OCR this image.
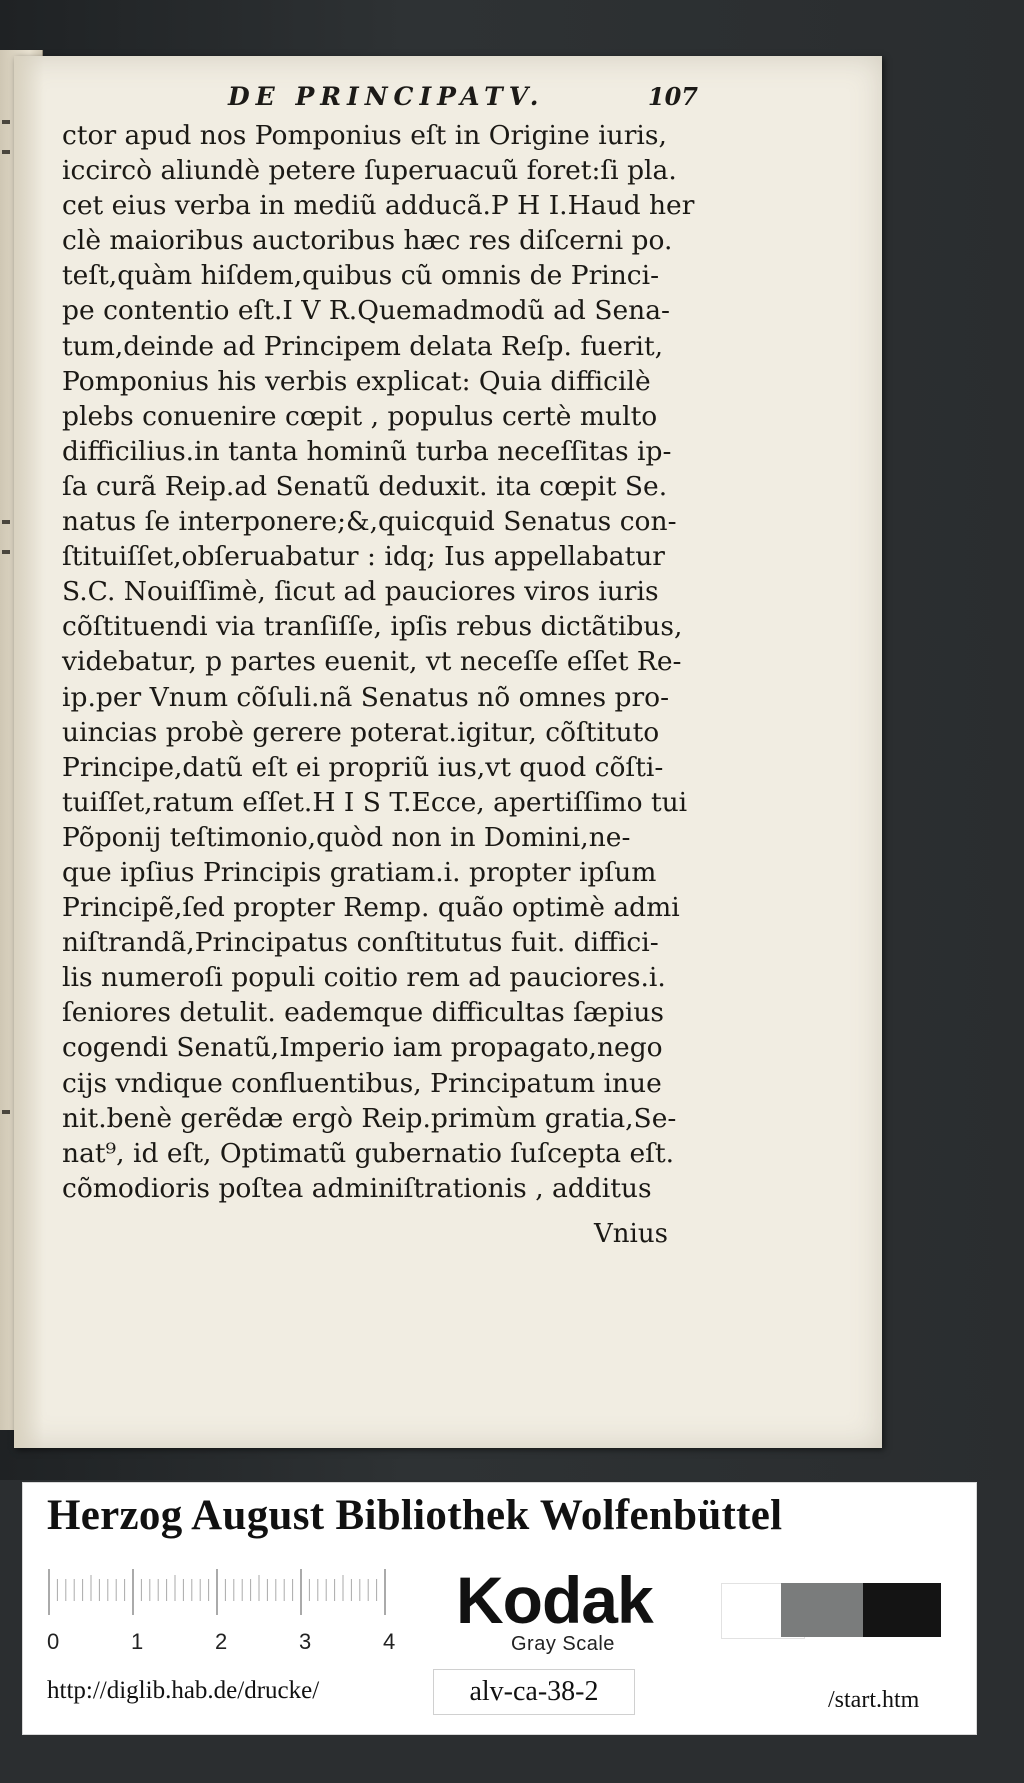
DE PRINCIPATV.	107
ctor apud nos Pomponius eſt in Origine iuris,
iccircò aliundè petere ſuperuacuũ foret:ſi pla.
cet eius verba in mediũ adducã.P H I.Haud her
clè maioribus auctoribus hæc res diſcerni po.
teſt,quàm hiſdem,quibus cũ omnis de Princi-
pe contentio eſt.I V R.Quemadmodũ ad Sena-
tum,deinde ad Principem delata Reſp. fuerit,
Pomponius his verbis explicat: Quia difficilè
plebs conuenire cœpit , populus certè multo
difficilius.in tanta hominũ turba neceſſitas ip-
ſa curã Reip.ad Senatũ deduxit. ita cœpit Se.
natus ſe interponere;&,quicquid Senatus con-
ſtituiſſet,obſeruabatur : idq; Ius appellabatur
S.C. Nouiſſimè, ſicut ad pauciores viros iuris
cõſtituendi via tranſiſſe, ipſis rebus dictãtibus,
videbatur, p partes euenit, vt neceſſe eſſet Re-
ip.per Vnum cõſuli.nã Senatus nõ omnes pro-
uincias probè gerere poterat.igitur, cõſtituto
Principe,datũ eſt ei propriũ ius,vt quod cõſti-
tuiſſet,ratum eſſet.H I S T.Ecce, apertiſſimo tui
Põponij teſtimonio,quòd non in Domini,ne-
que ipſius Principis gratiam.i. propter ipſum
Principẽ,ſed propter Remp. quão optimè admi
niſtrandã,Principatus conſtitutus fuit. diffici-
lis numeroſi populi coitio rem ad pauciores.i.
ſeniores detulit. eademque difficultas ſæpius
cogendi Senatũ,Imperio iam propagato,nego
cijs vndique confluentibus, Principatum inue
nit.benè gerẽdæ ergò Reip.primùm gratia,Se-
nat⁹, id eſt, Optimatũ gubernatio ſuſcepta eſt.
cõmodioris poſtea adminiſtrationis , additus
Vnius
Herzog August Bibliothek Wolfenbüttel
0	1	2	3	4
Kodak
Gray Scale
http://diglib.hab.de/drucke/	alv-ca-38-2	/start.htm
